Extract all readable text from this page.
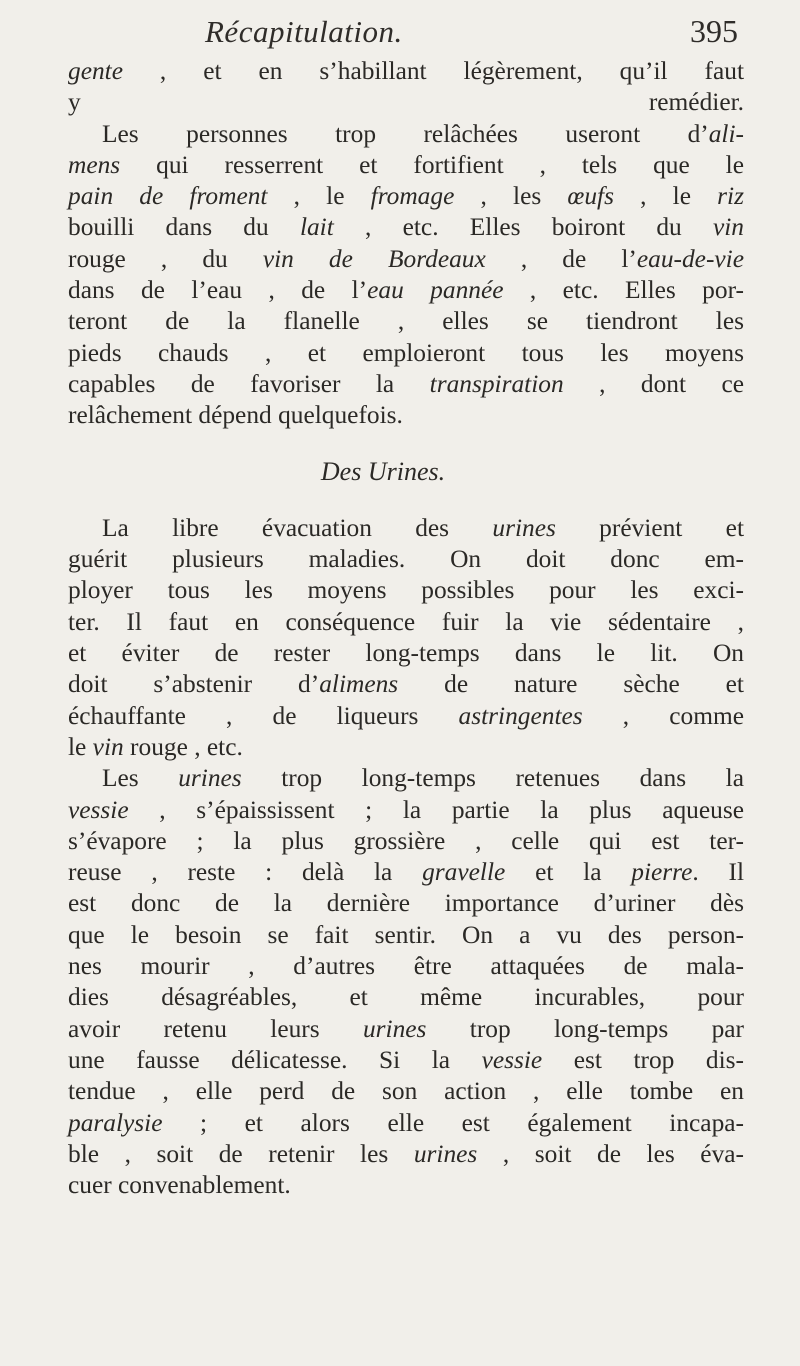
Récapitulation.	395
gente , et en s’habillant légèrement, qu’il faut
y remédier.
Les personnes trop relâchées useront d’ali-
mens qui resserrent et fortifient , tels que le
pain de froment , le fromage , les œufs , le riz
bouilli dans du lait , etc. Elles boiront du vin
rouge , du vin de Bordeaux , de l’eau-de-vie
dans de l’eau , de l’eau pannée , etc. Elles por-
teront de la flanelle , elles se tiendront les
pieds chauds , et emploieront tous les moyens
capables de favoriser la transpiration , dont ce
relâchement dépend quelquefois.
Des Urines.
La libre évacuation des urines prévient et
guérit plusieurs maladies. On doit donc em-
ployer tous les moyens possibles pour les exci-
ter. Il faut en conséquence fuir la vie sédentaire ,
et éviter de rester long-temps dans le lit. On
doit s’abstenir d’alimens de nature sèche et
échauffante , de liqueurs astringentes , comme
le vin rouge , etc.
Les urines trop long-temps retenues dans la
vessie , s’épaississent ; la partie la plus aqueuse
s’évapore ; la plus grossière , celle qui est ter-
reuse , reste : delà la gravelle et la pierre. Il
est donc de la dernière importance d’uriner dès
que le besoin se fait sentir. On a vu des person-
nes mourir , d’autres être attaquées de mala-
dies désagréables, et même incurables, pour
avoir retenu leurs urines trop long-temps par
une fausse délicatesse. Si la vessie est trop dis-
tendue , elle perd de son action , elle tombe en
paralysie ; et alors elle est également incapa-
ble , soit de retenir les urines , soit de les éva-
cuer convenablement.
